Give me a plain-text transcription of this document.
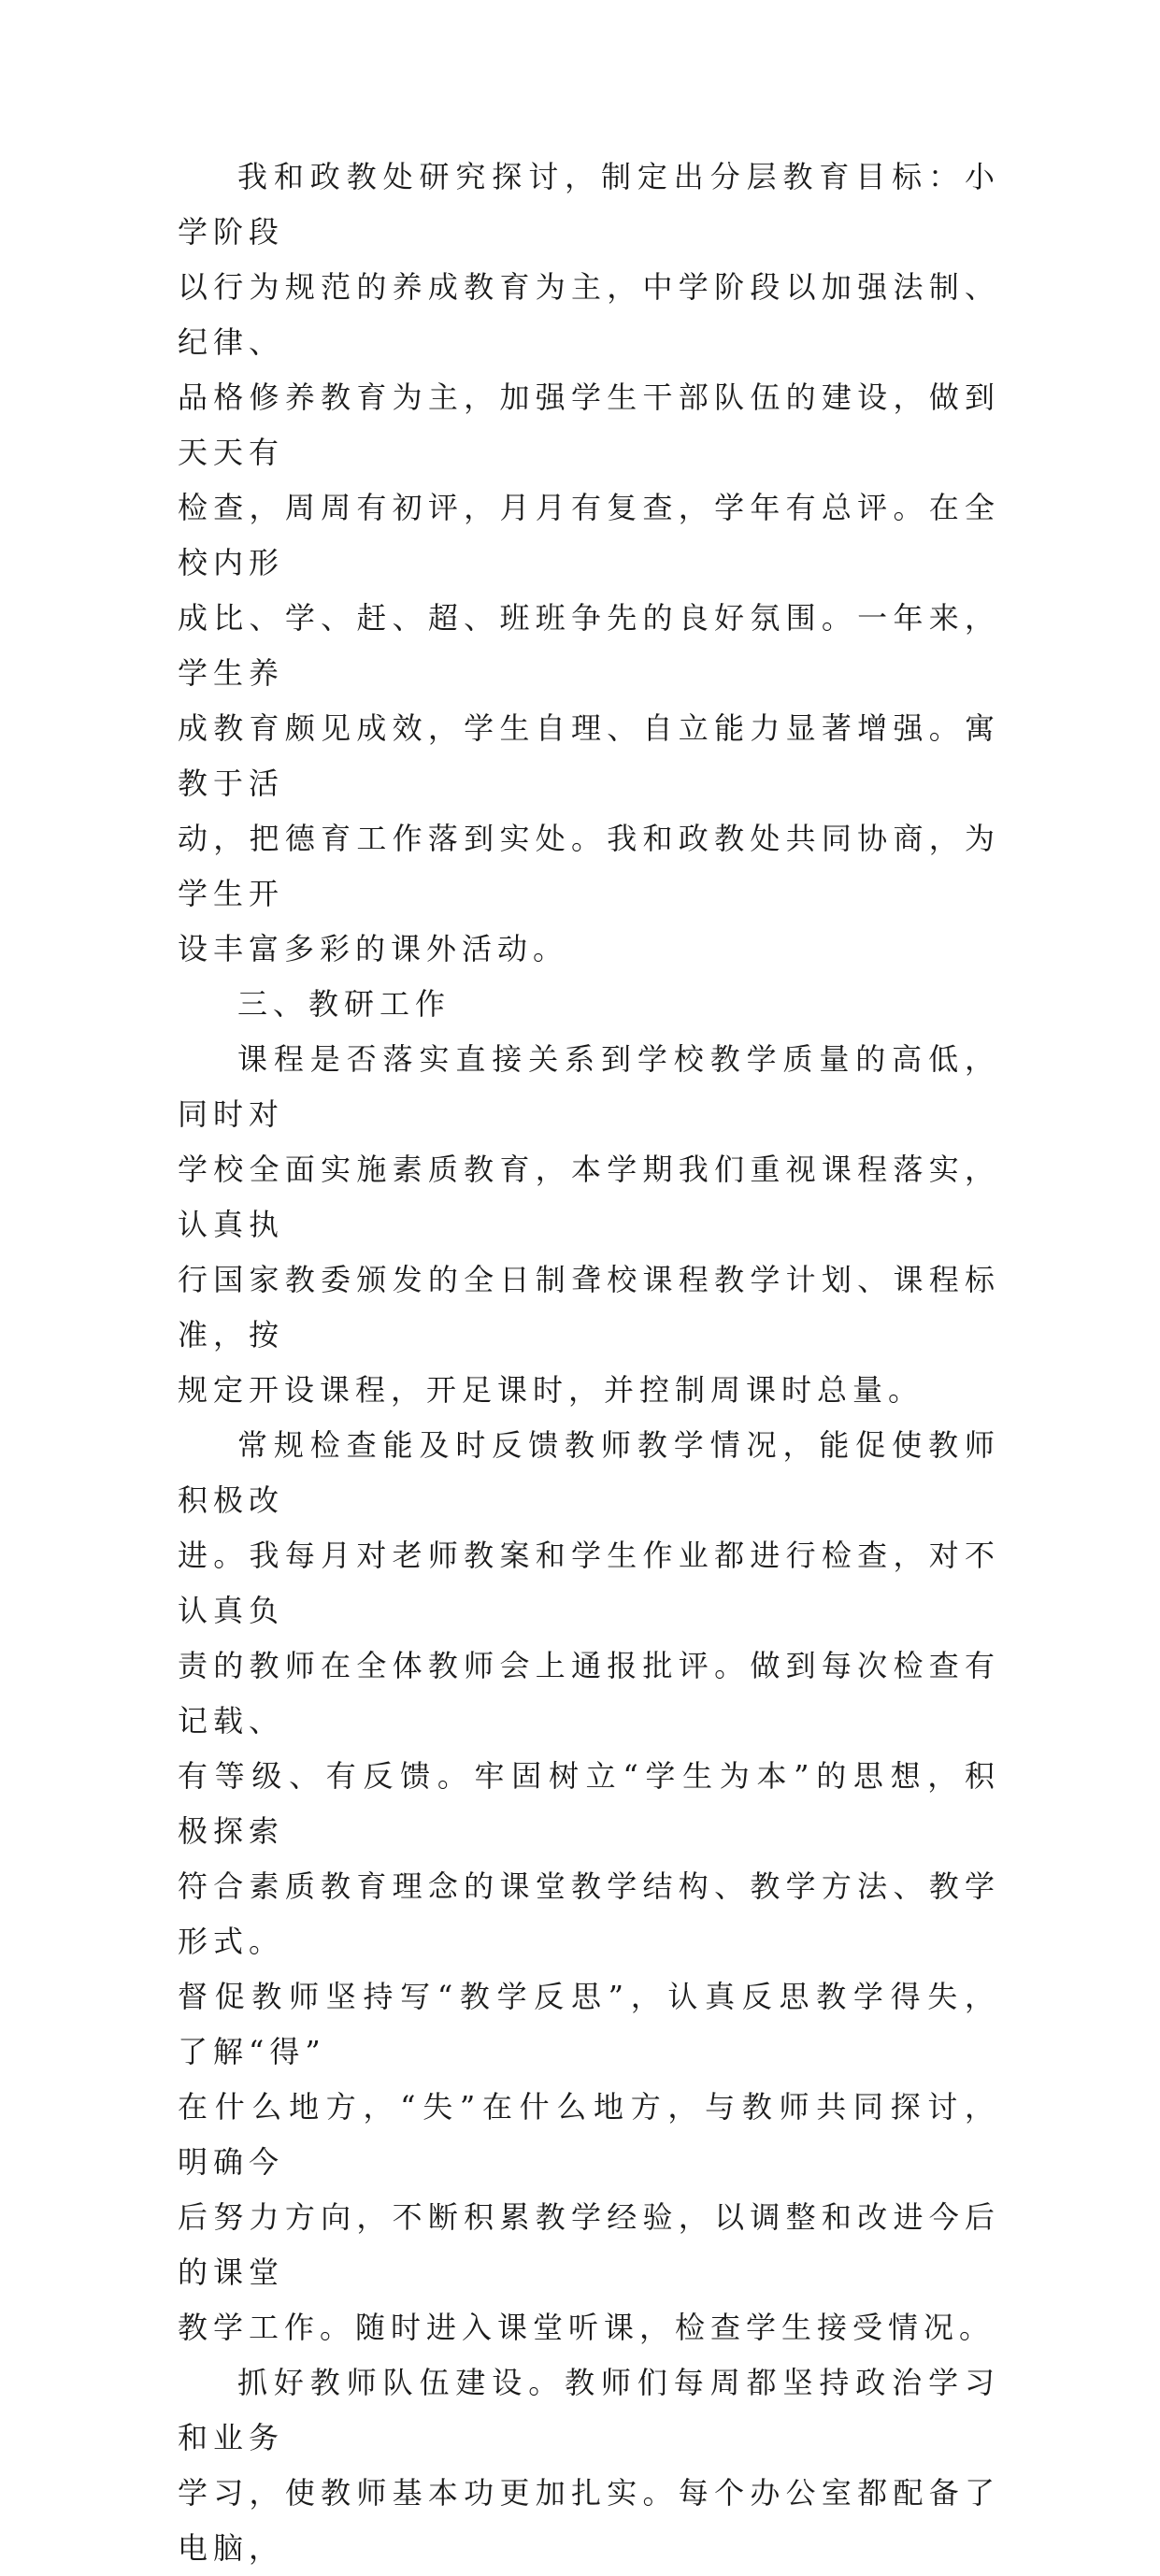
我和政教处研究探讨，制定出分层教育目标：小学阶段
以行为规范的养成教育为主，中学阶段以加强法制、纪律、
品格修养教育为主，加强学生干部队伍的建设，做到天天有
检查，周周有初评，月月有复查，学年有总评。在全校内形
成比、学、赶、超、班班争先的良好氛围。一年来，学生养
成教育颇见成效，学生自理、自立能力显著增强。寓教于活
动，把德育工作落到实处。我和政教处共同协商，为学生开
设丰富多彩的课外活动。

三、教研工作

课程是否落实直接关系到学校教学质量的高低，同时对
学校全面实施素质教育，本学期我们重视课程落实，认真执
行国家教委颁发的全日制聋校课程教学计划、课程标准，按
规定开设课程，开足课时，并控制周课时总量。

常规检查能及时反馈教师教学情况，能促使教师积极改
进。我每月对老师教案和学生作业都进行检查，对不认真负
责的教师在全体教师会上通报批评。做到每次检查有记载、
有等级、有反馈。牢固树立“学生为本”的思想，积极探索
符合素质教育理念的课堂教学结构、教学方法、教学形式。
督促教师坚持写“教学反思”，认真反思教学得失，了解“得”
在什么地方，“失”在什么地方，与教师共同探讨，明确今
后努力方向，不断积累教学经验，以调整和改进今后的课堂
教学工作。随时进入课堂听课，检查学生接受情况。

抓好教师队伍建设。教师们每周都坚持政治学习和业务
学习，使教师基本功更加扎实。每个办公室都配备了电脑，
